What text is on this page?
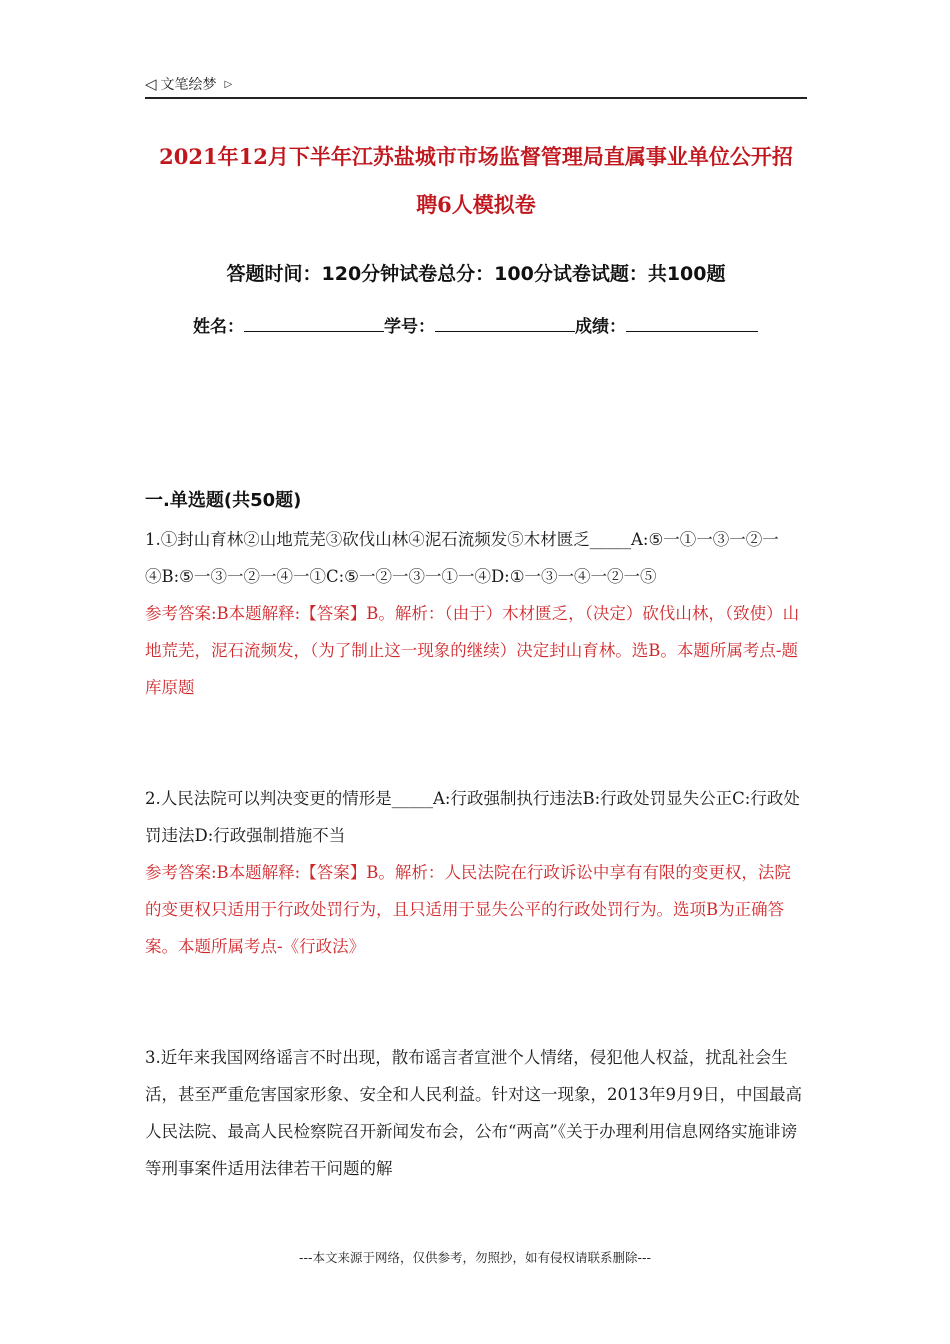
◁ 文笔绘梦 ▷
2021年12月下半年江苏盐城市市场监督管理局直属事业单位公开招
聘6人模拟卷
答题时间：120分钟试卷总分：100分试卷试题：共100题
姓名：	学号：	成绩：
一.单选题(共50题)

1.①封山育林②山地荒芜③砍伐山林④泥石流频发⑤木材匮乏_____A:⑤一①一③一②一④B:⑤一③一②一④一①C:⑤一②一③一①一④D:①一③一④一②一⑤

参考答案:B本题解释:【答案】B。解析：（由于）木材匮乏，（决定）砍伐山林，（致使）山地荒芜，泥石流频发，（为了制止这一现象的继续）决定封山育林。选B。本题所属考点-题库原题

2.人民法院可以判决变更的情形是_____A:行政强制执行违法B:行政处罚显失公正C:行政处罚违法D:行政强制措施不当

参考答案:B本题解释:【答案】B。解析：人民法院在行政诉讼中享有有限的变更权，法院的变更权只适用于行政处罚行为，且只适用于显失公平的行政处罚行为。选项B为正确答案。本题所属考点-《行政法》

3.近年来我国网络谣言不时出现，散布谣言者宣泄个人情绪，侵犯他人权益，扰乱社会生活，甚至严重危害国家形象、安全和人民利益。针对这一现象，2013年9月9日，中国最高人民法院、最高人民检察院召开新闻发布会，公布“两高”《关于办理利用信息网络实施诽谤等刑事案件适用法律若干问题的解

---本文来源于网络，仅供参考，勿照抄，如有侵权请联系删除---
